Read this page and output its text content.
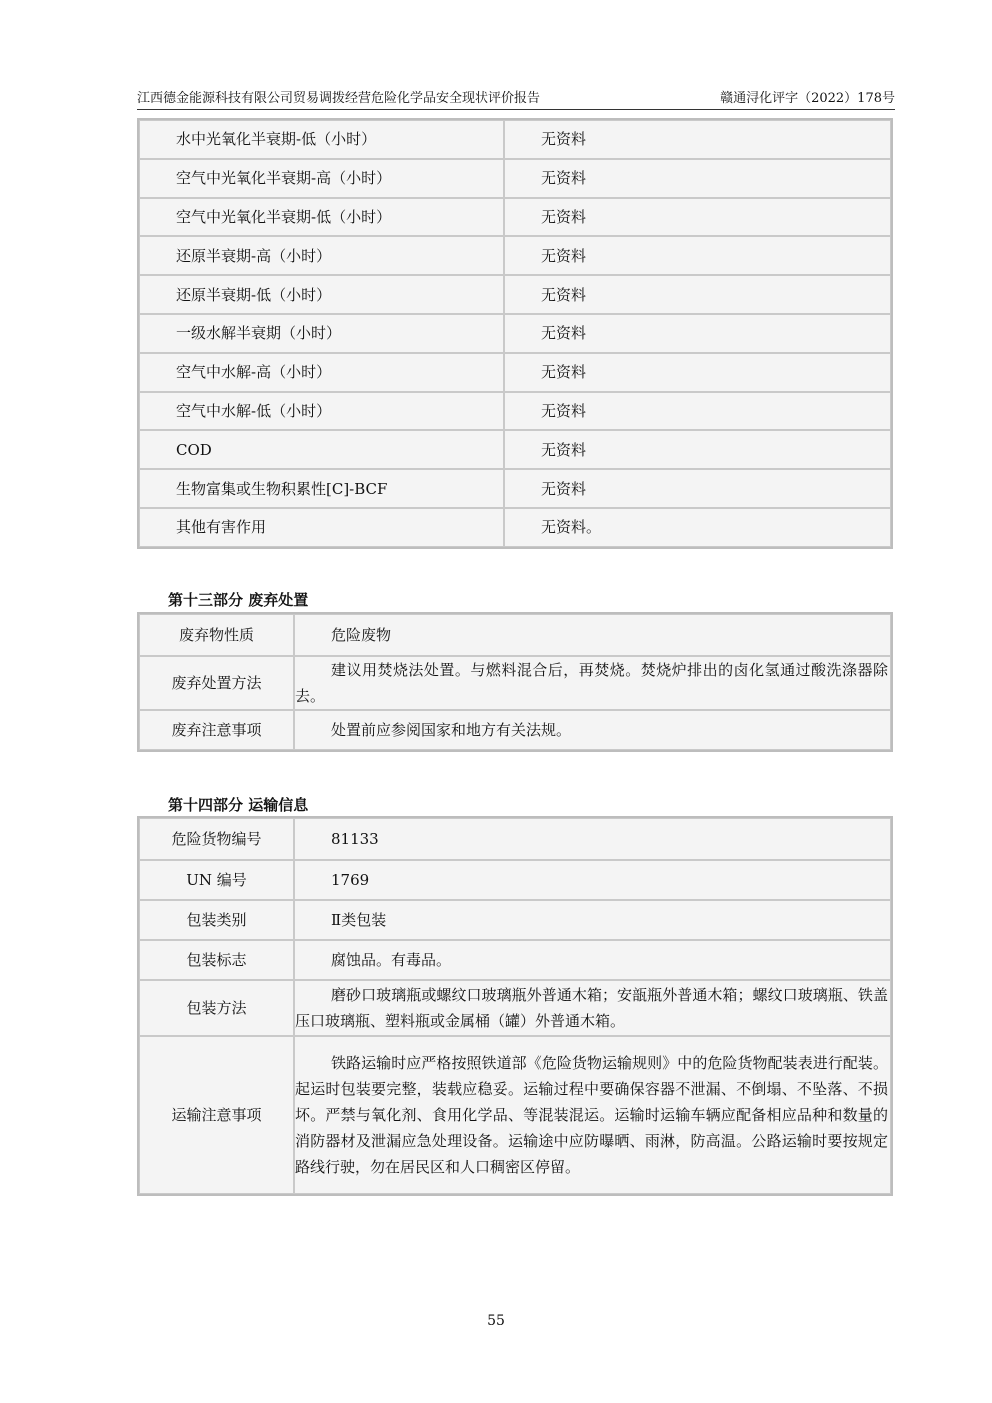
江西德金能源科技有限公司贸易调拨经营危险化学品安全现状评价报告	赣通浔化评字（2022）178号
水中光氧化半衰期-低（小时）	无资料
空气中光氧化半衰期-高（小时）	无资料
空气中光氧化半衰期-低（小时）	无资料
还原半衰期-高（小时）	无资料
还原半衰期-低（小时）	无资料
一级水解半衰期（小时）	无资料
空气中水解-高（小时）	无资料
空气中水解-低（小时）	无资料
COD	无资料
生物富集或生物积累性[C]-BCF	无资料
其他有害作用	无资料。
第十三部分 废弃处置
废弃物性质	危险废物
废弃处置方法	建议用焚烧法处置。与燃料混合后，再焚烧。焚烧炉排出的卤化氢通过酸洗涤器除去。
废弃注意事项	处置前应参阅国家和地方有关法规。
第十四部分 运输信息
危险货物编号	81133
UN 编号	1769
包装类别	Ⅱ类包装
包装标志	腐蚀品。有毒品。
包装方法	磨砂口玻璃瓶或螺纹口玻璃瓶外普通木箱；安瓿瓶外普通木箱；螺纹口玻璃瓶、铁盖压口玻璃瓶、塑料瓶或金属桶（罐）外普通木箱。
运输注意事项	铁路运输时应严格按照铁道部《危险货物运输规则》中的危险货物配装表进行配装。起运时包装要完整，装载应稳妥。运输过程中要确保容器不泄漏、不倒塌、不坠落、不损坏。严禁与氧化剂、食用化学品、等混装混运。运输时运输车辆应配备相应品种和数量的消防器材及泄漏应急处理设备。运输途中应防曝晒、雨淋，防高温。公路运输时要按规定路线行驶，勿在居民区和人口稠密区停留。
55
